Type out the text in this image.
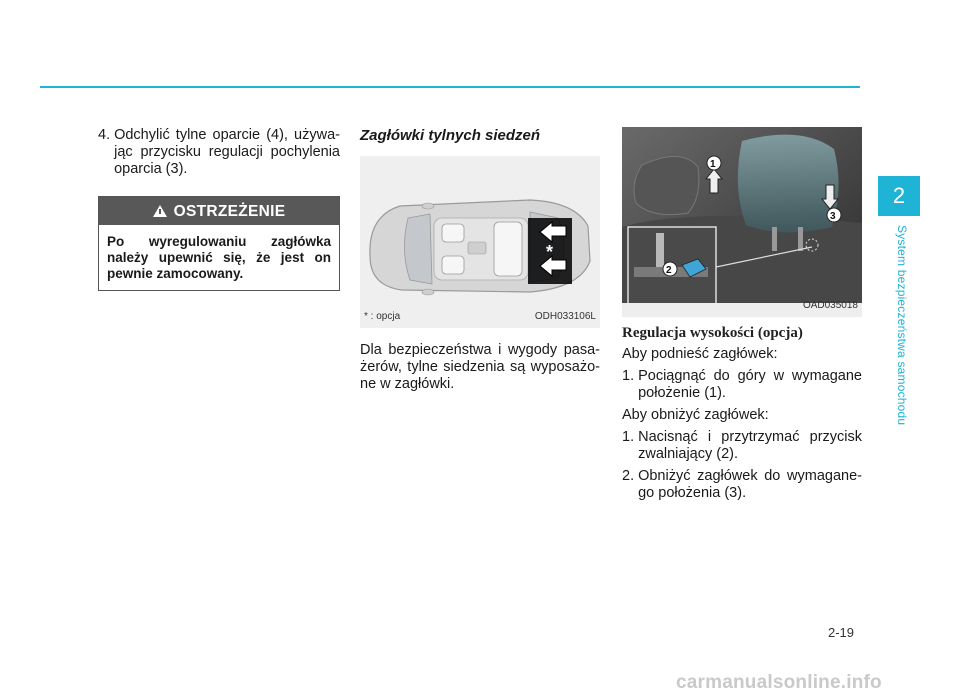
2
System bezpieczeństwa samochodu
4. Odchylić tylne oparcie (4), używając przycisku regulacji pochylenia oparcia (3).
OSTRZEŻENIE
Po wyregulowaniu zagłówka należy upewnić się, że jest on pewnie zamocowany.
Zagłówki tylnych siedzeń
*
* : opcja	ODH033106L
Dla bezpieczeństwa i wygody pasażerów, tylne siedzenia są wyposażone w zagłówki.
1
2
3
OAD035018
Regulacja wysokości (opcja)
Aby podnieść zagłówek:
1. Pociągnąć do góry w wymagane położenie (1).
Aby obniżyć zagłówek:
1. Nacisnąć i przytrzymać przycisk zwalniający (2).
2. Obniżyć zagłówek do wymaganego położenia (3).
2-19
carmanualsonline.info
